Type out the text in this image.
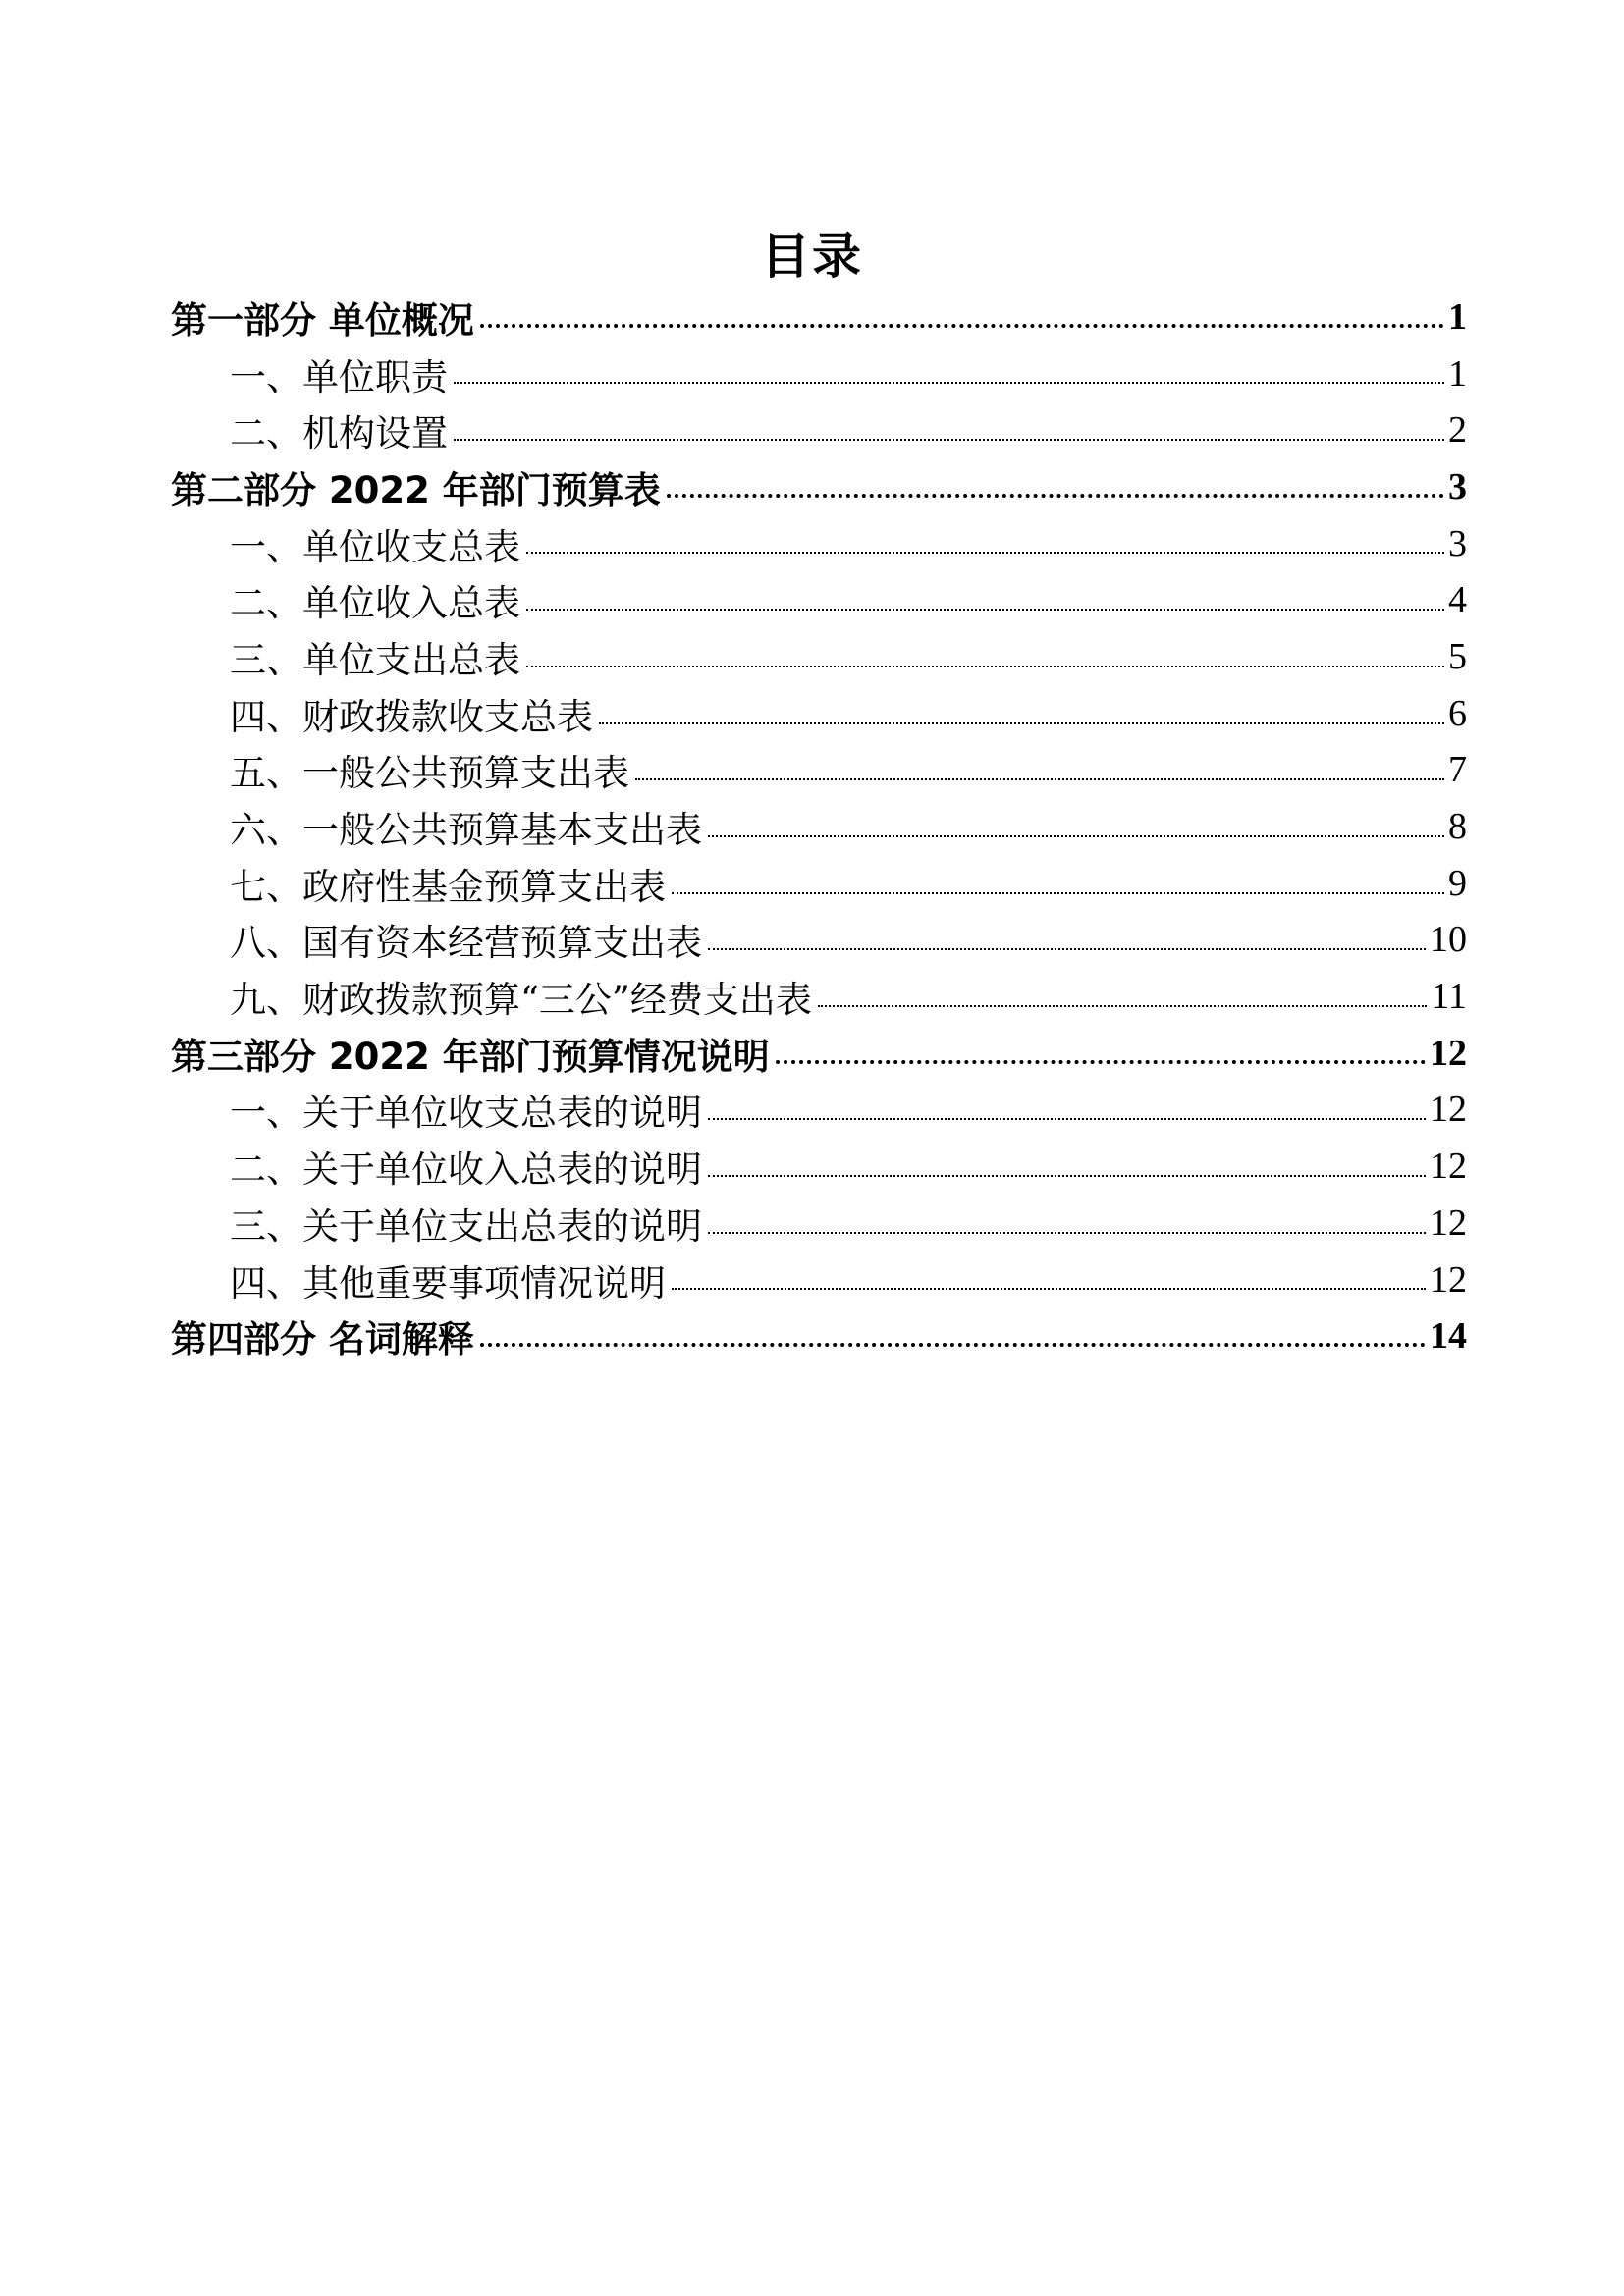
目录
第一部分 单位概况	1
一、单位职责	1
二、机构设置	2
第二部分 2022 年部门预算表	3
一、单位收支总表	3
二、单位收入总表	4
三、单位支出总表	5
四、财政拨款收支总表	6
五、一般公共预算支出表	7
六、一般公共预算基本支出表	8
七、政府性基金预算支出表	9
八、国有资本经营预算支出表	10
九、财政拨款预算“三公”经费支出表	11
第三部分 2022 年部门预算情况说明	12
一、关于单位收支总表的说明	12
二、关于单位收入总表的说明	12
三、关于单位支出总表的说明	12
四、其他重要事项情况说明	12
第四部分 名词解释	14
